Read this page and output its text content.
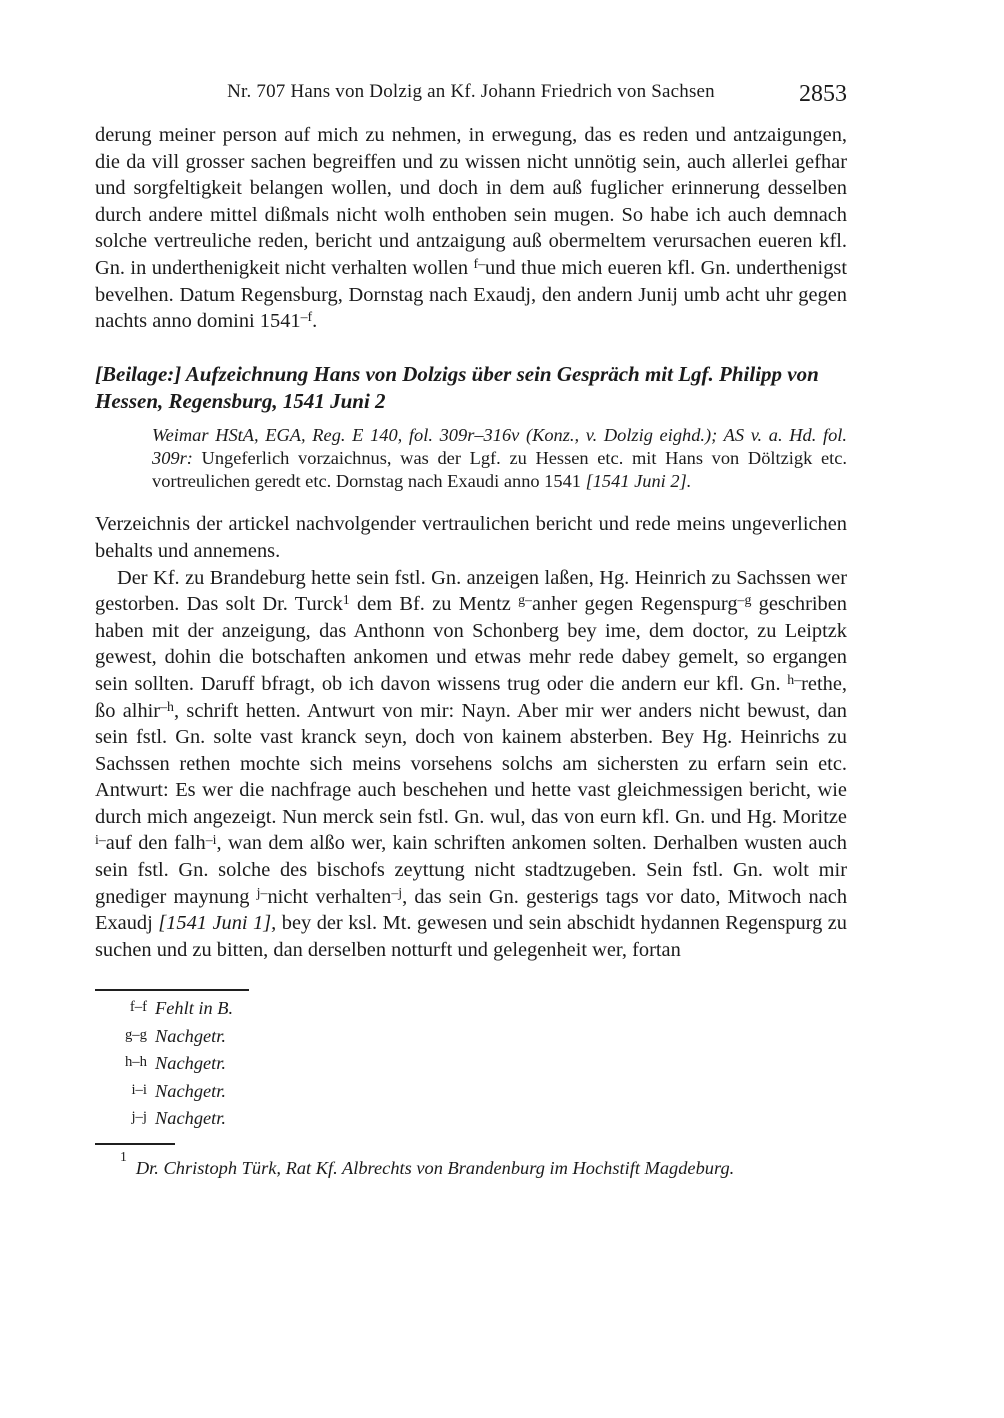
Nr. 707 Hans von Dolzig an Kf. Johann Friedrich von Sachsen	2853

derung meiner person auf mich zu nehmen, in erwegung, das es reden und antzaigungen, die da vill grosser sachen begreiffen und zu wissen nicht unnötig sein, auch allerlei gefhar und sorgfeltigkeit belangen wollen, und doch in dem auß fuglicher erinnerung desselben durch andere mittel dißmals nicht wolh enthoben sein mugen. So habe ich auch demnach solche vertreuliche reden, bericht und antzaigung auß obermeltem verursachen eueren kfl. Gn. in underthenigkeit nicht verhalten wollen $^{f-}$und thue mich eueren kfl. Gn. underthenigst bevelhen. Datum Regensburg, Dornstag nach Exaudj, den andern Junij umb acht uhr gegen nachts anno domini $1541^{-f}$.

[Beilage:] Aufzeichnung Hans von Dolzigs über sein Gespräch mit Lgf. Philipp von Hessen, Regensburg, 1541 Juni 2

Weimar HStA, EGA, Reg. E 140, fol. 309r–316v (Konz., v. Dolzig eighd.); AS v. a. Hd. fol. 309r: Ungeferlich vorzaichnus, was der Lgf. zu Hessen etc. mit Hans von Döltzigk etc. vortreulichen geredt etc. Dornstag nach Exaudi anno 1541 [1541 Juni 2].

Verzeichnis der artickel nachvolgender vertraulichen bericht und rede meins ungeverlichen behalts und annemens.

Der Kf. zu Brandeburg hette sein fstl. Gn. anzeigen laßen, Hg. Heinrich zu Sachssen wer gestorben. Das solt Dr. Turck$^1$ dem Bf. zu Mentz $^{g-}$anher gegen Regenspurg$^{-g}$ geschriben haben mit der anzeigung, das Anthonn von Schonberg bey ime, dem doctor, zu Leiptzk gewest, dohin die botschaften ankomen und etwas mehr rede dabey gemelt, so ergangen sein sollten. Daruff bfragt, ob ich davon wissens trug oder die andern eur kfl. Gn. $^{h-}$rethe, ßo alhir$^{-h}$, schrift hetten. Antwurt von mir: Nayn. Aber mir wer anders nicht bewust, dan sein fstl. Gn. solte vast kranck seyn, doch von kainem absterben. Bey Hg. Heinrichs zu Sachssen rethen mochte sich meins vorsehens solchs am sichersten zu erfarn sein etc. Antwurt: Es wer die nachfrage auch beschehen und hette vast gleichmessigen bericht, wie durch mich angezeigt. Nun merck sein fstl. Gn. wul, das von eurn kfl. Gn. und Hg. Moritze $^{i-}$auf den falh$^{-i}$, wan dem alßo wer, kain schriften ankomen solten. Derhalben wusten auch sein fstl. Gn. solche des bischofs zeyttung nicht stadtzugeben. Sein fstl. Gn. wolt mir gnediger maynung $^{j-}$nicht verhalten$^{-j}$, das sein Gn. gesterigs tags vor dato, Mitwoch nach Exaudj [1541 Juni 1], bey der ksl. Mt. gewesen und sein abschidt hydannen Regenspurg zu suchen und zu bitten, dan derselben notturft und gelegenheit wer, fortan

f–f Fehlt in B.
g–g Nachgetr.
h–h Nachgetr.
i–i Nachgetr.
j–j Nachgetr.
$^1$Dr. Christoph Türk, Rat Kf. Albrechts von Brandenburg im Hochstift Magdeburg.
